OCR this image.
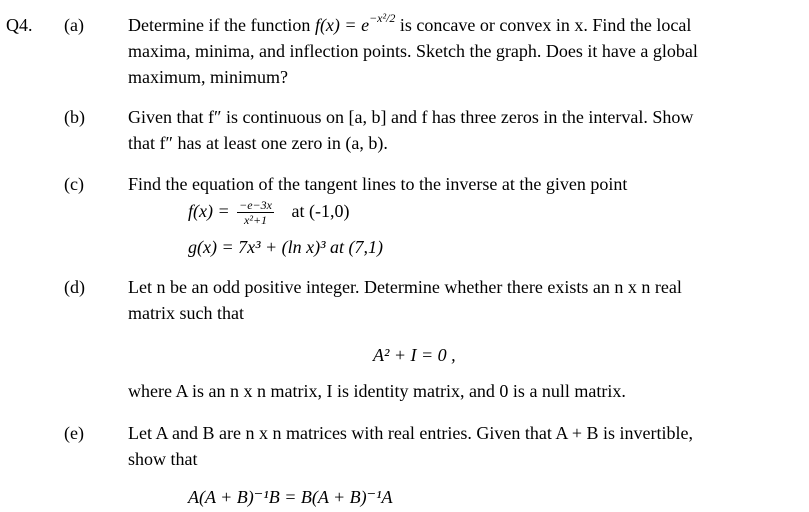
Q4. (a) Determine if the function f(x) = e−x²/2 is concave or convex in x. Find the local
maxima, minima, and inflection points. Sketch the graph. Does it have a global
maximum, minimum?
(b) Given that f″ is continuous on [a, b] and f has three zeros in the interval. Show
that f″ has at least one zero in (a, b).
(c) Find the equation of the tangent lines to the inverse at the given point
$f(x) = \frac{-e-3x}{\text{x²+1}}$ at (-1,0)
g(x) = 7x³ + (ln x)³ at (7,1)
(d) Let n be an odd positive integer. Determine whether there exists an n x n real
matrix such that
A² + I = 0 ,
where A is an n x n matrix, I is identity matrix, and 0 is a null matrix.
(e) Let A and B are n x n matrices with real entries. Given that A + B is invertible,
show that
A(A + B)⁻¹B = B(A + B)⁻¹A
